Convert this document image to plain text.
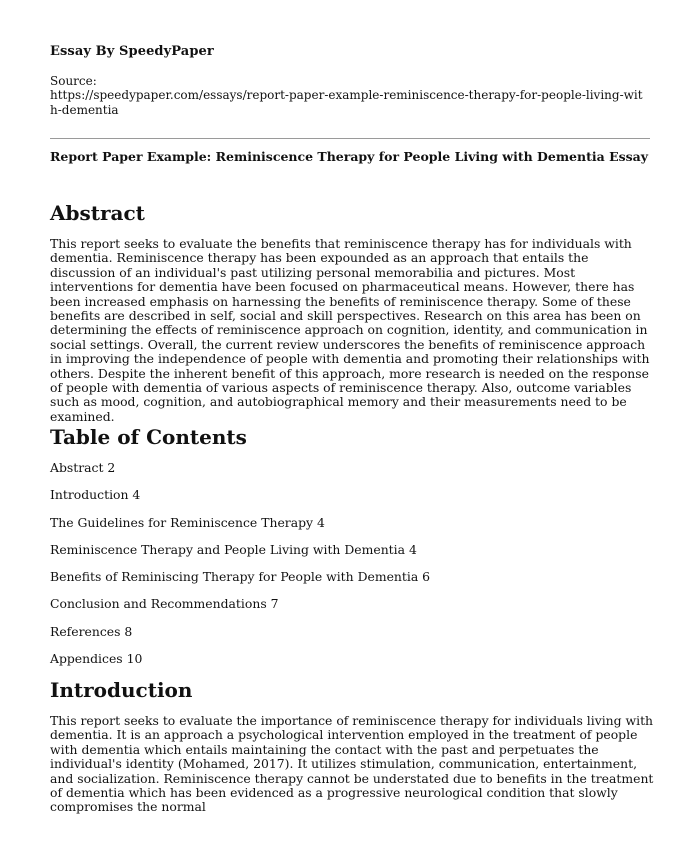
Essay By SpeedyPaper
Source:
https://speedypaper.com/essays/report-paper-example-reminiscence-therapy-for-people-living-with-dementia
Report Paper Example: Reminiscence Therapy for People Living with Dementia Essay
Abstract

This report seeks to evaluate the benefits that reminiscence therapy has for individuals with dementia. Reminiscence therapy has been expounded as an approach that entails the discussion of an individual's past utilizing personal memorabilia and pictures. Most interventions for dementia have been focused on pharmaceutical means. However, there has been increased emphasis on harnessing the benefits of reminiscence therapy. Some of these benefits are described in self, social and skill perspectives. Research on this area has been on determining the effects of reminiscence approach on cognition, identity, and communication in social settings. Overall, the current review underscores the benefits of reminiscence approach in improving the independence of people with dementia and promoting their relationships with others. Despite the inherent benefit of this approach, more research is needed on the response of people with dementia of various aspects of reminiscence therapy. Also, outcome variables such as mood, cognition, and autobiographical memory and their measurements need to be examined.

Table of Contents
Abstract 2
Introduction 4
The Guidelines for Reminiscence Therapy 4
Reminiscence Therapy and People Living with Dementia 4
Benefits of Reminiscing Therapy for People with Dementia 6
Conclusion and Recommendations 7
References 8
Appendices 10
Introduction

This report seeks to evaluate the importance of reminiscence therapy for individuals living with dementia. It is an approach a psychological intervention employed in the treatment of people with dementia which entails maintaining the contact with the past and perpetuates the individual's identity (Mohamed, 2017). It utilizes stimulation, communication, entertainment, and socialization. Reminiscence therapy cannot be understated due to benefits in the treatment of dementia which has been evidenced as a progressive neurological condition that slowly compromises the normal
